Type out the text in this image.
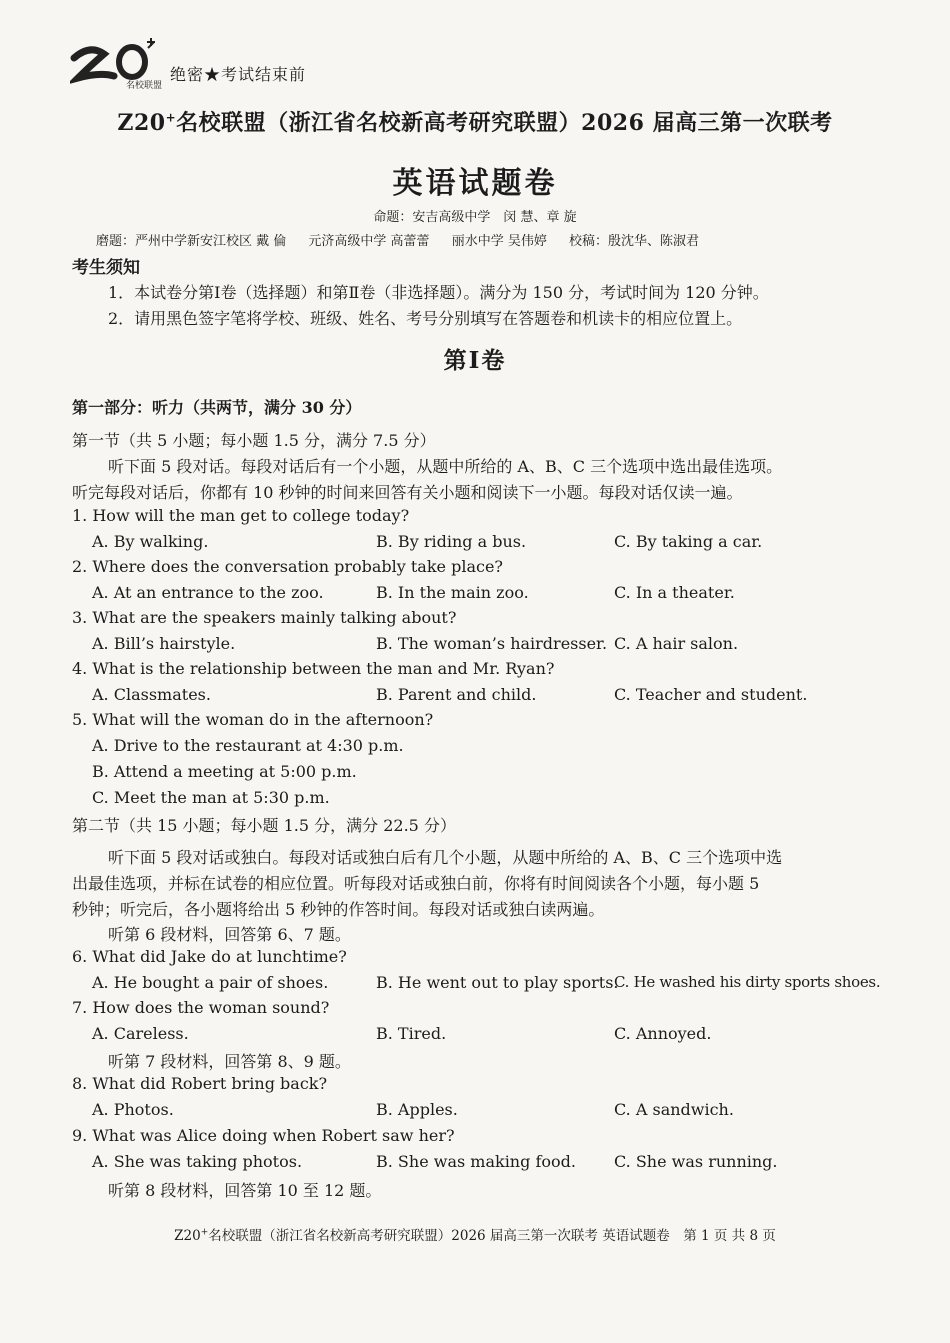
名校联盟
绝密★考试结束前
Z20+名校联盟（浙江省名校新高考研究联盟）2026 届高三第一次联考
英语试题卷
命题：安吉高级中学　闵 慧、章 旋
磨题：严州中学新安江校区 戴 倫 元济高级中学 高蕾蕾 丽水中学 吴伟婷 校稿：殷沈华、陈淑君
考生须知
1．本试卷分第Ⅰ卷（选择题）和第Ⅱ卷（非选择题）。满分为 150 分，考试时间为 120 分钟。
2．请用黑色签字笔将学校、班级、姓名、考号分别填写在答题卷和机读卡的相应位置上。
第Ⅰ卷
第一部分：听力（共两节，满分 30 分）
第一节（共 5 小题；每小题 1.5 分，满分 7.5 分）
听下面 5 段对话。每段对话后有一个小题，从题中所给的 A、B、C 三个选项中选出最佳选项。
听完每段对话后，你都有 10 秒钟的时间来回答有关小题和阅读下一小题。每段对话仅读一遍。
1. How will the man get to college today?
A. By walking.	B. By riding a bus.	C. By taking a car.
2. Where does the conversation probably take place?
A. At an entrance to the zoo.	B. In the main zoo.	C. In a theater.
3. What are the speakers mainly talking about?
A. Bill’s hairstyle.	B. The woman’s hairdresser. C. A hair salon.
4. What is the relationship between the man and Mr. Ryan?
A. Classmates.	B. Parent and child.	C. Teacher and student.
5. What will the woman do in the afternoon?
A. Drive to the restaurant at 4:30 p.m.
B. Attend a meeting at 5:00 p.m.
C. Meet the man at 5:30 p.m.
第二节（共 15 小题；每小题 1.5 分，满分 22.5 分）
听下面 5 段对话或独白。每段对话或独白后有几个小题，从题中所给的 A、B、C 三个选项中选
出最佳选项，并标在试卷的相应位置。听每段对话或独白前，你将有时间阅读各个小题，每小题 5
秒钟；听完后，各小题将给出 5 秒钟的作答时间。每段对话或独白读两遍。
听第 6 段材料，回答第 6、7 题。
6. What did Jake do at lunchtime?
A. He bought a pair of shoes.	B. He went out to play sports.
C. He washed his dirty sports shoes.
7. How does the woman sound?
A. Careless.	B. Tired.	C. Annoyed.
听第 7 段材料，回答第 8、9 题。
8. What did Robert bring back?
A. Photos.	B. Apples.	C. A sandwich.
9. What was Alice doing when Robert saw her?
A. She was taking photos.	B. She was making food. C. She was running.
听第 8 段材料，回答第 10 至 12 题。
Z20+名校联盟（浙江省名校新高考研究联盟）2026 届高三第一次联考 英语试题卷　第 1 页 共 8 页
